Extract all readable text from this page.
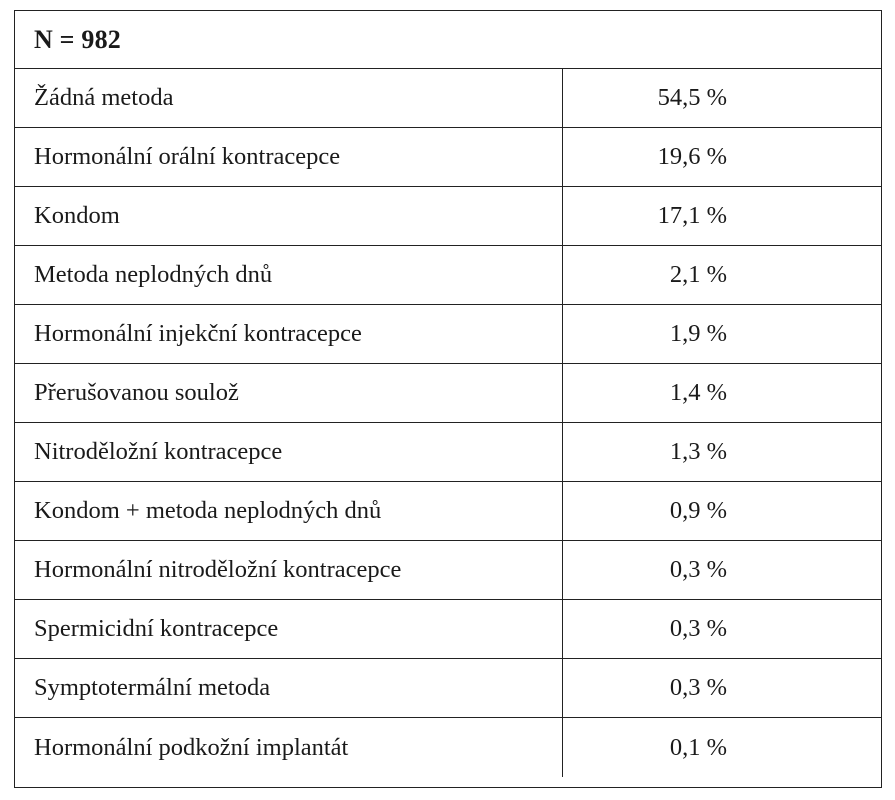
N = 982
Žádná metoda	54,5 %
Hormonální orální kontracepce	19,6 %
Kondom	17,1 %
Metoda neplodných dnů	2,1 %
Hormonální injekční kontracepce	1,9 %
Přerušovanou soulož	1,4 %
Nitroděložní kontracepce	1,3 %
Kondom + metoda neplodných dnů	0,9 %
Hormonální nitroděložní kontracepce	0,3 %
Spermicidní kontracepce	0,3 %
Symptotermální metoda	0,3 %
Hormonální podkožní implantát	0,1 %
